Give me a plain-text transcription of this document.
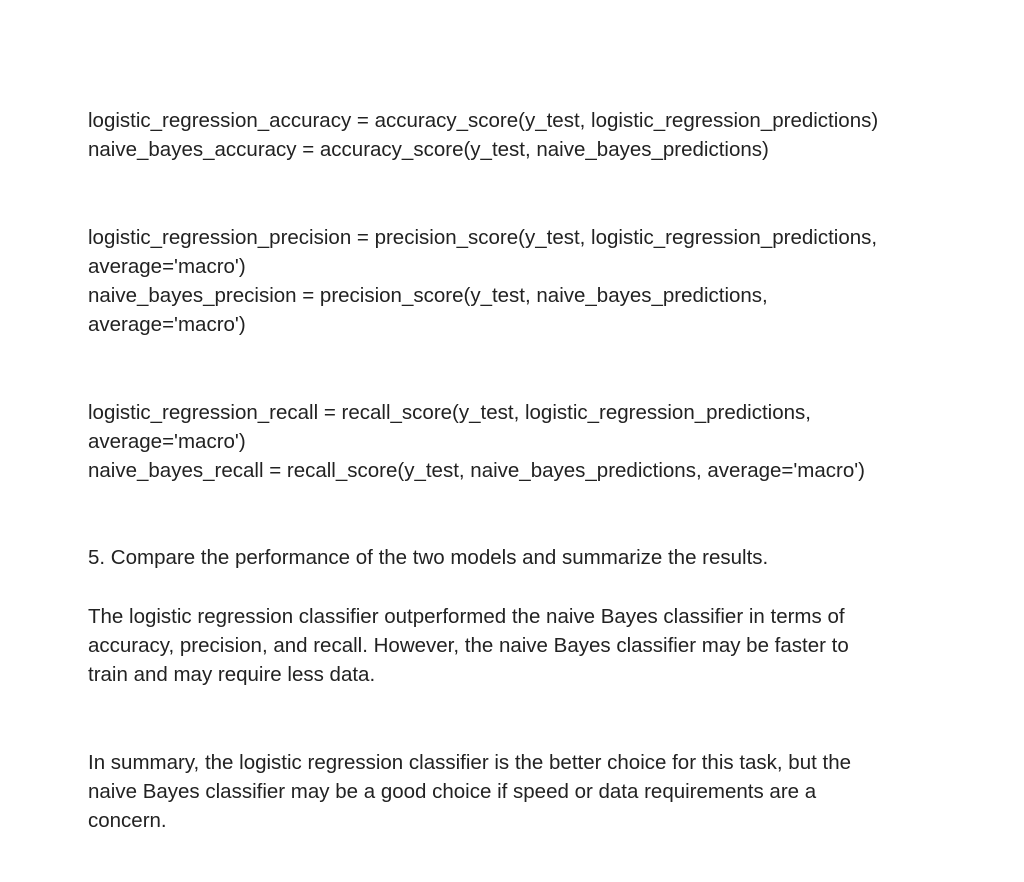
logistic_regression_accuracy = accuracy_score(y_test, logistic_regression_predictions)
naive_bayes_accuracy = accuracy_score(y_test, naive_bayes_predictions)
logistic_regression_precision = precision_score(y_test, logistic_regression_predictions,
average='macro')
naive_bayes_precision = precision_score(y_test, naive_bayes_predictions,
average='macro')
logistic_regression_recall = recall_score(y_test, logistic_regression_predictions,
average='macro')
naive_bayes_recall = recall_score(y_test, naive_bayes_predictions, average='macro')
5. Compare the performance of the two models and summarize the results.
The logistic regression classifier outperformed the naive Bayes classifier in terms of
accuracy, precision, and recall. However, the naive Bayes classifier may be faster to
train and may require less data.
In summary, the logistic regression classifier is the better choice for this task, but the
naive Bayes classifier may be a good choice if speed or data requirements are a
concern.
